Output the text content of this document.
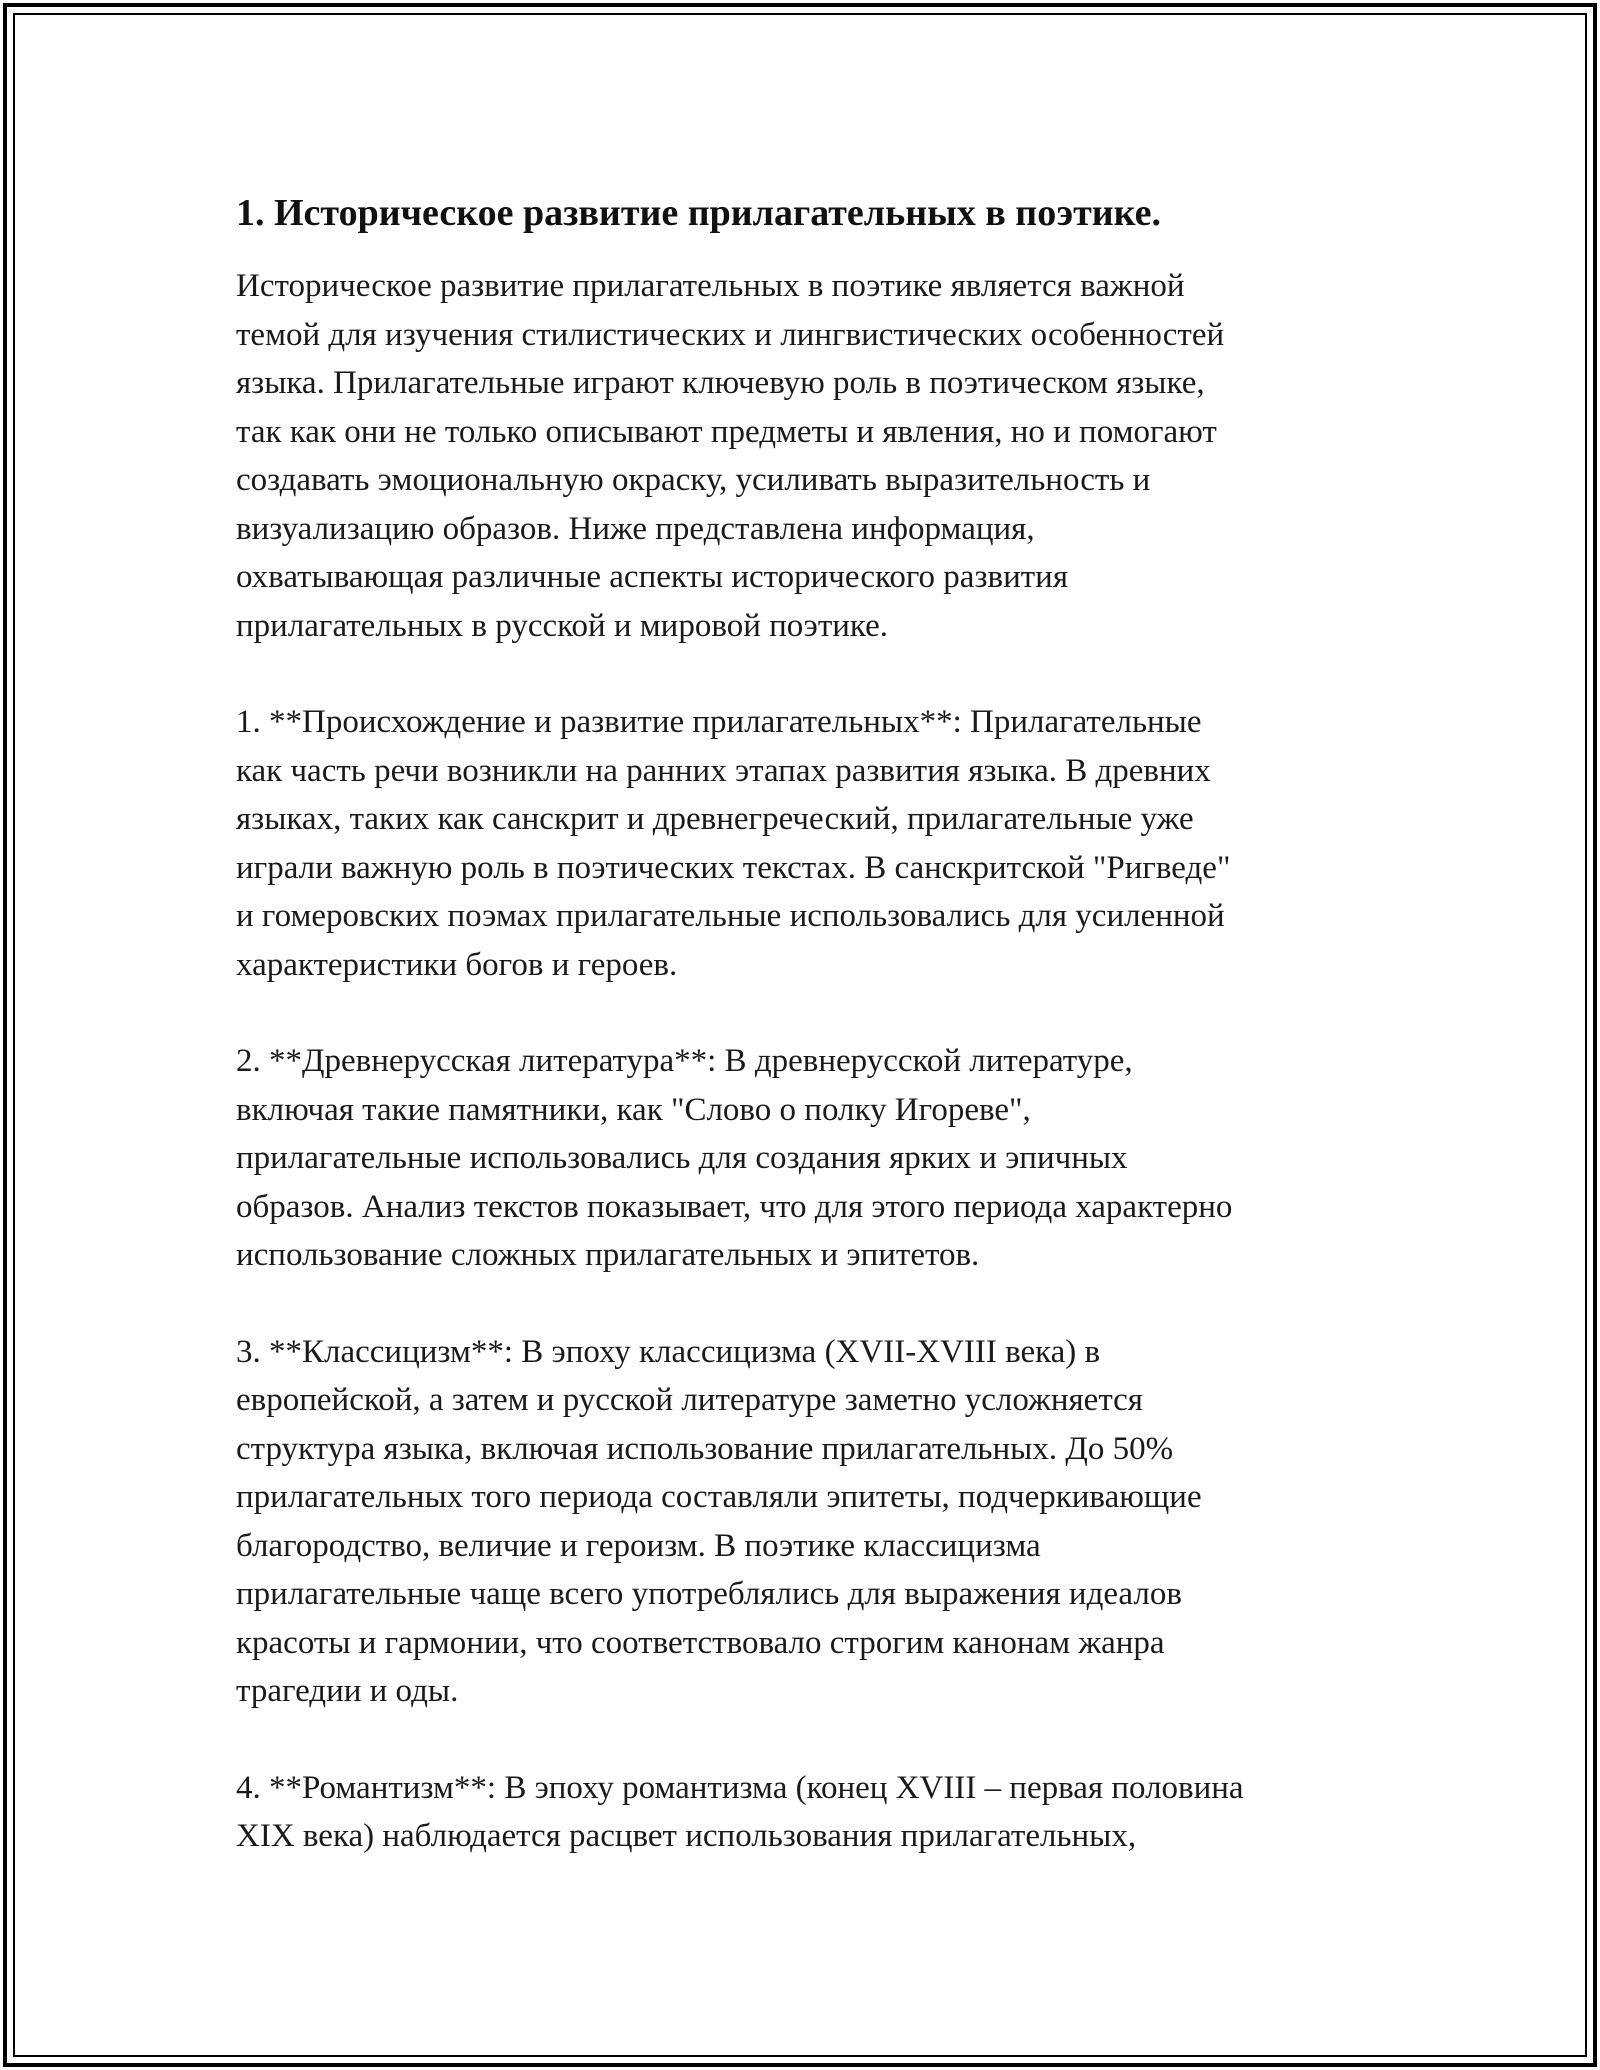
1. Историческое развитие прилагательных в поэтике.

Историческое развитие прилагательных в поэтике является важной
темой для изучения стилистических и лингвистических особенностей
языка. Прилагательные играют ключевую роль в поэтическом языке,
так как они не только описывают предметы и явления, но и помогают
создавать эмоциональную окраску, усиливать выразительность и
визуализацию образов. Ниже представлена информация,
охватывающая различные аспекты исторического развития
прилагательных в русской и мировой поэтике.

1. **Происхождение и развитие прилагательных**: Прилагательные
как часть речи возникли на ранних этапах развития языка. В древних
языках, таких как санскрит и древнегреческий, прилагательные уже
играли важную роль в поэтических текстах. В санскритской "Ригведе"
и гомеровских поэмах прилагательные использовались для усиленной
характеристики богов и героев.

2. **Древнерусская литература**: В древнерусской литературе,
включая такие памятники, как "Слово о полку Игореве",
прилагательные использовались для создания ярких и эпичных
образов. Анализ текстов показывает, что для этого периода характерно
использование сложных прилагательных и эпитетов.

3. **Классицизм**: В эпоху классицизма (XVII-XVIII века) в
европейской, а затем и русской литературе заметно усложняется
структура языка, включая использование прилагательных. До 50%
прилагательных того периода составляли эпитеты, подчеркивающие
благородство, величие и героизм. В поэтике классицизма
прилагательные чаще всего употреблялись для выражения идеалов
красоты и гармонии, что соответствовало строгим канонам жанра
трагедии и оды.

4. **Романтизм**: В эпоху романтизма (конец XVIII – первая половина
XIX века) наблюдается расцвет использования прилагательных,
